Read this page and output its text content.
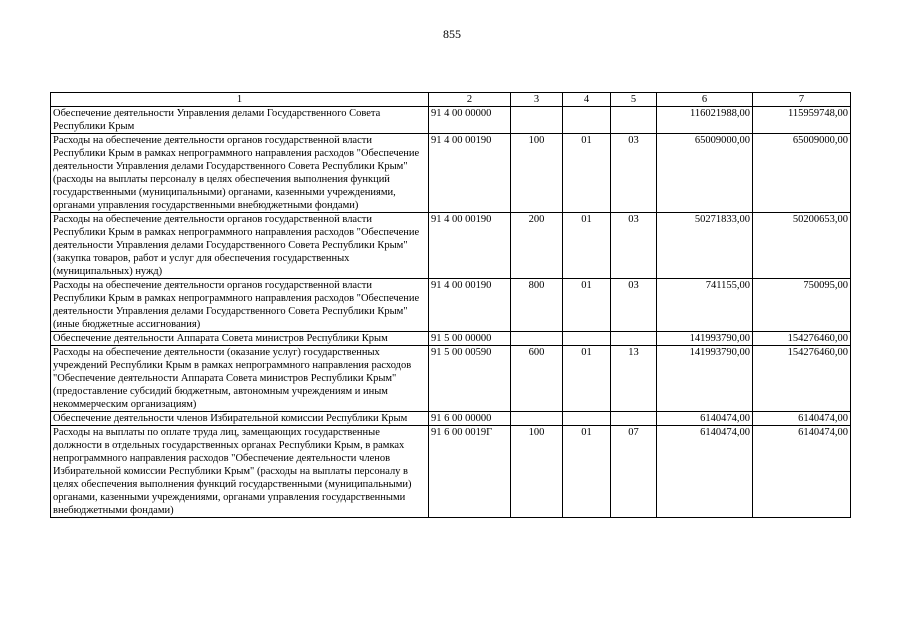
855
1	2	3	4	5	6	7
Обеспечение деятельности Управления делами Государственного Совета Республики Крым	91 4 00 00000				116021988,00	115959748,00
Расходы на обеспечение деятельности органов государственной власти Республики Крым в рамках непрограммного направления расходов "Обеспечение деятельности Управления делами Государственного Совета Республики Крым" (расходы на выплаты персоналу в целях обеспечения выполнения функций государственными (муниципальными) органами, казенными учреждениями, органами управления государственными внебюджетными фондами)	91 4 00 00190	100	01	03	65009000,00	65009000,00
Расходы на обеспечение деятельности органов государственной власти Республики Крым в рамках непрограммного направления расходов "Обеспечение деятельности Управления делами Государственного Совета Республики Крым" (закупка товаров, работ и услуг для обеспечения государственных (муниципальных) нужд)	91 4 00 00190	200	01	03	50271833,00	50200653,00
Расходы на обеспечение деятельности органов государственной власти Республики Крым в рамках непрограммного направления расходов "Обеспечение деятельности Управления делами Государственного Совета Республики Крым" (иные бюджетные ассигнования)	91 4 00 00190	800	01	03	741155,00	750095,00
Обеспечение деятельности Аппарата Совета министров Республики Крым	91 5 00 00000				141993790,00	154276460,00
Расходы на обеспечение деятельности (оказание услуг) государственных учреждений Республики Крым в рамках непрограммного направления расходов "Обеспечение деятельности Аппарата Совета министров Республики Крым" (предоставление субсидий бюджетным, автономным учреждениям и иным некоммерческим организациям)	91 5 00 00590	600	01	13	141993790,00	154276460,00
Обеспечение деятельности членов Избирательной комиссии Республики Крым	91 6 00 00000				6140474,00	6140474,00
Расходы на выплаты по оплате труда лиц, замещающих государственные должности в отдельных государственных органах Республики Крым, в рамках непрограммного направления расходов "Обеспечение деятельности членов Избирательной комиссии Республики Крым" (расходы на выплаты персоналу в целях обеспечения выполнения функций государственными (муниципальными) органами, казенными учреждениями, органами управления государственными внебюджетными фондами)	91 6 00 0019Г	100	01	07	6140474,00	6140474,00
